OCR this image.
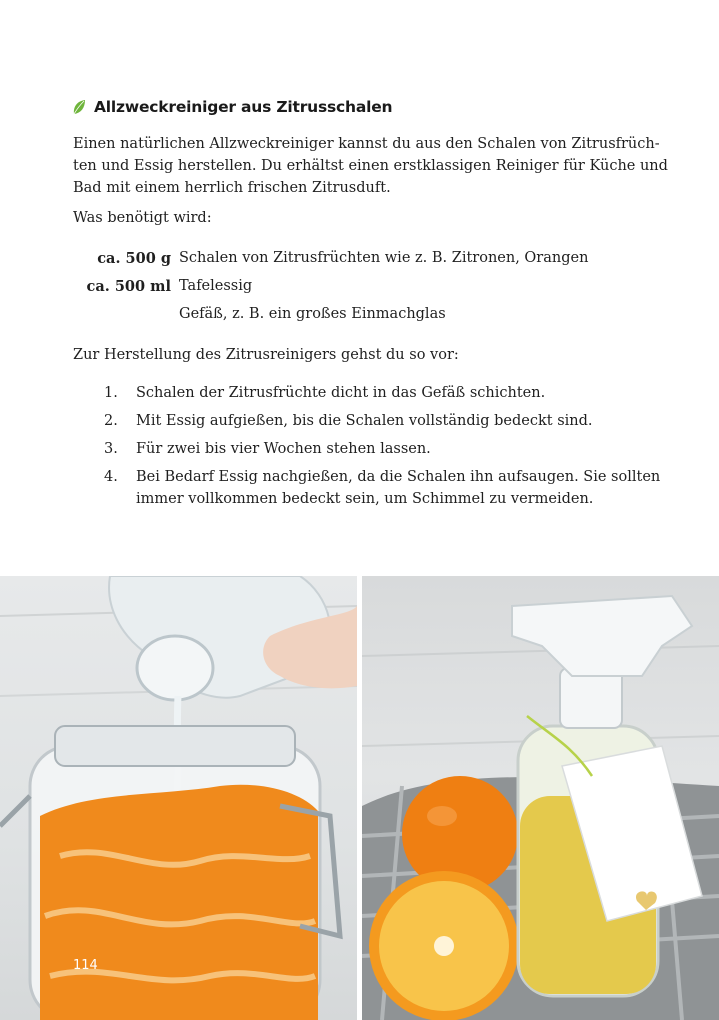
Allzweckreiniger aus Zitrusschalen

Einen natürlichen Allzweckreiniger kannst du aus den Schalen von Zitrusfrüch-
ten und Essig herstellen. Du erhältst einen erstklassigen Reiniger für Küche und
Bad mit einem herrlich frischen Zitrusduft.

Was benötigt wird:

ca. 500 g Schalen von Zitrusfrüchten wie z. B. Zitronen, Orangen
ca. 500 ml Tafelessig
Gefäß, z. B. ein großes Einmachglas

Zur Herstellung des Zitrusreinigers gehst du so vor:

1.	Schalen der Zitrusfrüchte dicht in das Gefäß schichten.
2.	Mit Essig aufgießen, bis die Schalen vollständig bedeckt sind.
3.	Für zwei bis vier Wochen stehen lassen.
4.	Bei Bedarf Essig nachgießen, da die Schalen ihn aufsaugen. Sie sollten
immer vollkommen bedeckt sein, um Schimmel zu vermeiden.
114
